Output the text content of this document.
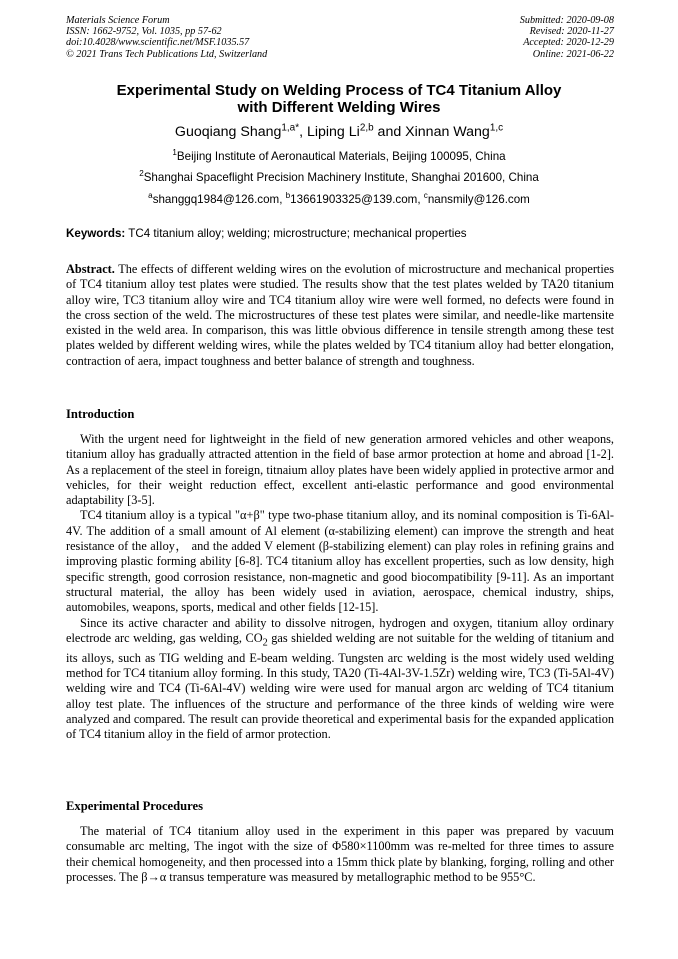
Materials Science Forum
ISSN: 1662-9752, Vol. 1035, pp 57-62
doi:10.4028/www.scientific.net/MSF.1035.57
© 2021 Trans Tech Publications Ltd, Switzerland
Submitted: 2020-09-08
Revised: 2020-11-27
Accepted: 2020-12-29
Online: 2021-06-22
Experimental Study on Welding Process of TC4 Titanium Alloy
with Different Welding Wires
Guoqiang Shang$^{1,a*}$, Liping Li$^{2,b}$ and Xinnan Wang$^{1,c}$
$^1$Beijing Institute of Aeronautical Materials, Beijing 100095, China
$^2$Shanghai Spaceflight Precision Machinery Institute, Shanghai 201600, China
$^a$shanggq1984@126.com, $^b$13661903325@139.com, $^c$nansmily@126.com
Keywords: TC4 titanium alloy; welding; microstructure; mechanical properties

Abstract. The effects of different welding wires on the evolution of microstructure and mechanical properties of TC4 titanium alloy test plates were studied. The results show that the test plates welded by TA20 titanium alloy wire, TC3 titanium alloy wire and TC4 titanium alloy wire were well formed, no defects were found in the cross section of the weld. The microstructures of these test plates were similar, and needle-like martensite existed in the weld area. In comparison, this was little obvious difference in tensile strength among these test plates welded by different welding wires, while the plates welded by TC4 titanium alloy had better elongation, contraction of aera, impact toughness and better balance of strength and toughness.

Introduction

With the urgent need for lightweight in the field of new generation armored vehicles and other weapons, titanium alloy has gradually attracted attention in the field of base armor protection at home and abroad [1-2]. As a replacement of the steel in foreign, titnaium alloy plates have been widely applied in protective armor and vehicles, for their weight reduction effect, excellent anti-elastic performance and good environmental adaptability [3-5].

TC4 titanium alloy is a typical "α+β" type two-phase titanium alloy, and its nominal composition is Ti-6Al-4V. The addition of a small amount of Al element (α-stabilizing element) can improve the strength and heat resistance of the alloy， and the added V element (β-stabilizing element) can play roles in refining grains and improving plastic forming ability [6-8]. TC4 titanium alloy has excellent properties, such as low density, high specific strength, good corrosion resistance, non-magnetic and good biocompatibility [9-11]. As an important structural material, the alloy has been widely used in aviation, aerospace, chemical industry, ships, automobiles, weapons, sports, medical and other fields [12-15].

Since its active character and ability to dissolve nitrogen, hydrogen and oxygen, titanium alloy ordinary electrode arc welding, gas welding, $CO_2$ gas shielded welding are not suitable for the welding of titanium and its alloys, such as TIG welding and E-beam welding. Tungsten arc welding is the most widely used welding method for TC4 titanium alloy forming. In this study, TA20 (Ti-4Al-3V-1.5Zr) welding wire, TC3 (Ti-5Al-4V) welding wire and TC4 (Ti-6Al-4V) welding wire were used for manual argon arc welding of TC4 titanium alloy test plate. The influences of the structure and performance of the three kinds of welding wire were analyzed and compared. The result can provide theoretical and experimental basis for the expanded application of TC4 titanium alloy in the field of armor protection.

Experimental Procedures

The material of TC4 titanium alloy used in the experiment in this paper was prepared by vacuum consumable arc melting, The ingot with the size of Φ580×1100mm was re-melted for three times to assure their chemical homogeneity, and then processed into a 15mm thick plate by blanking, forging, rolling and other processes. The β→α transus temperature was measured by metallographic method to be 955°C.
